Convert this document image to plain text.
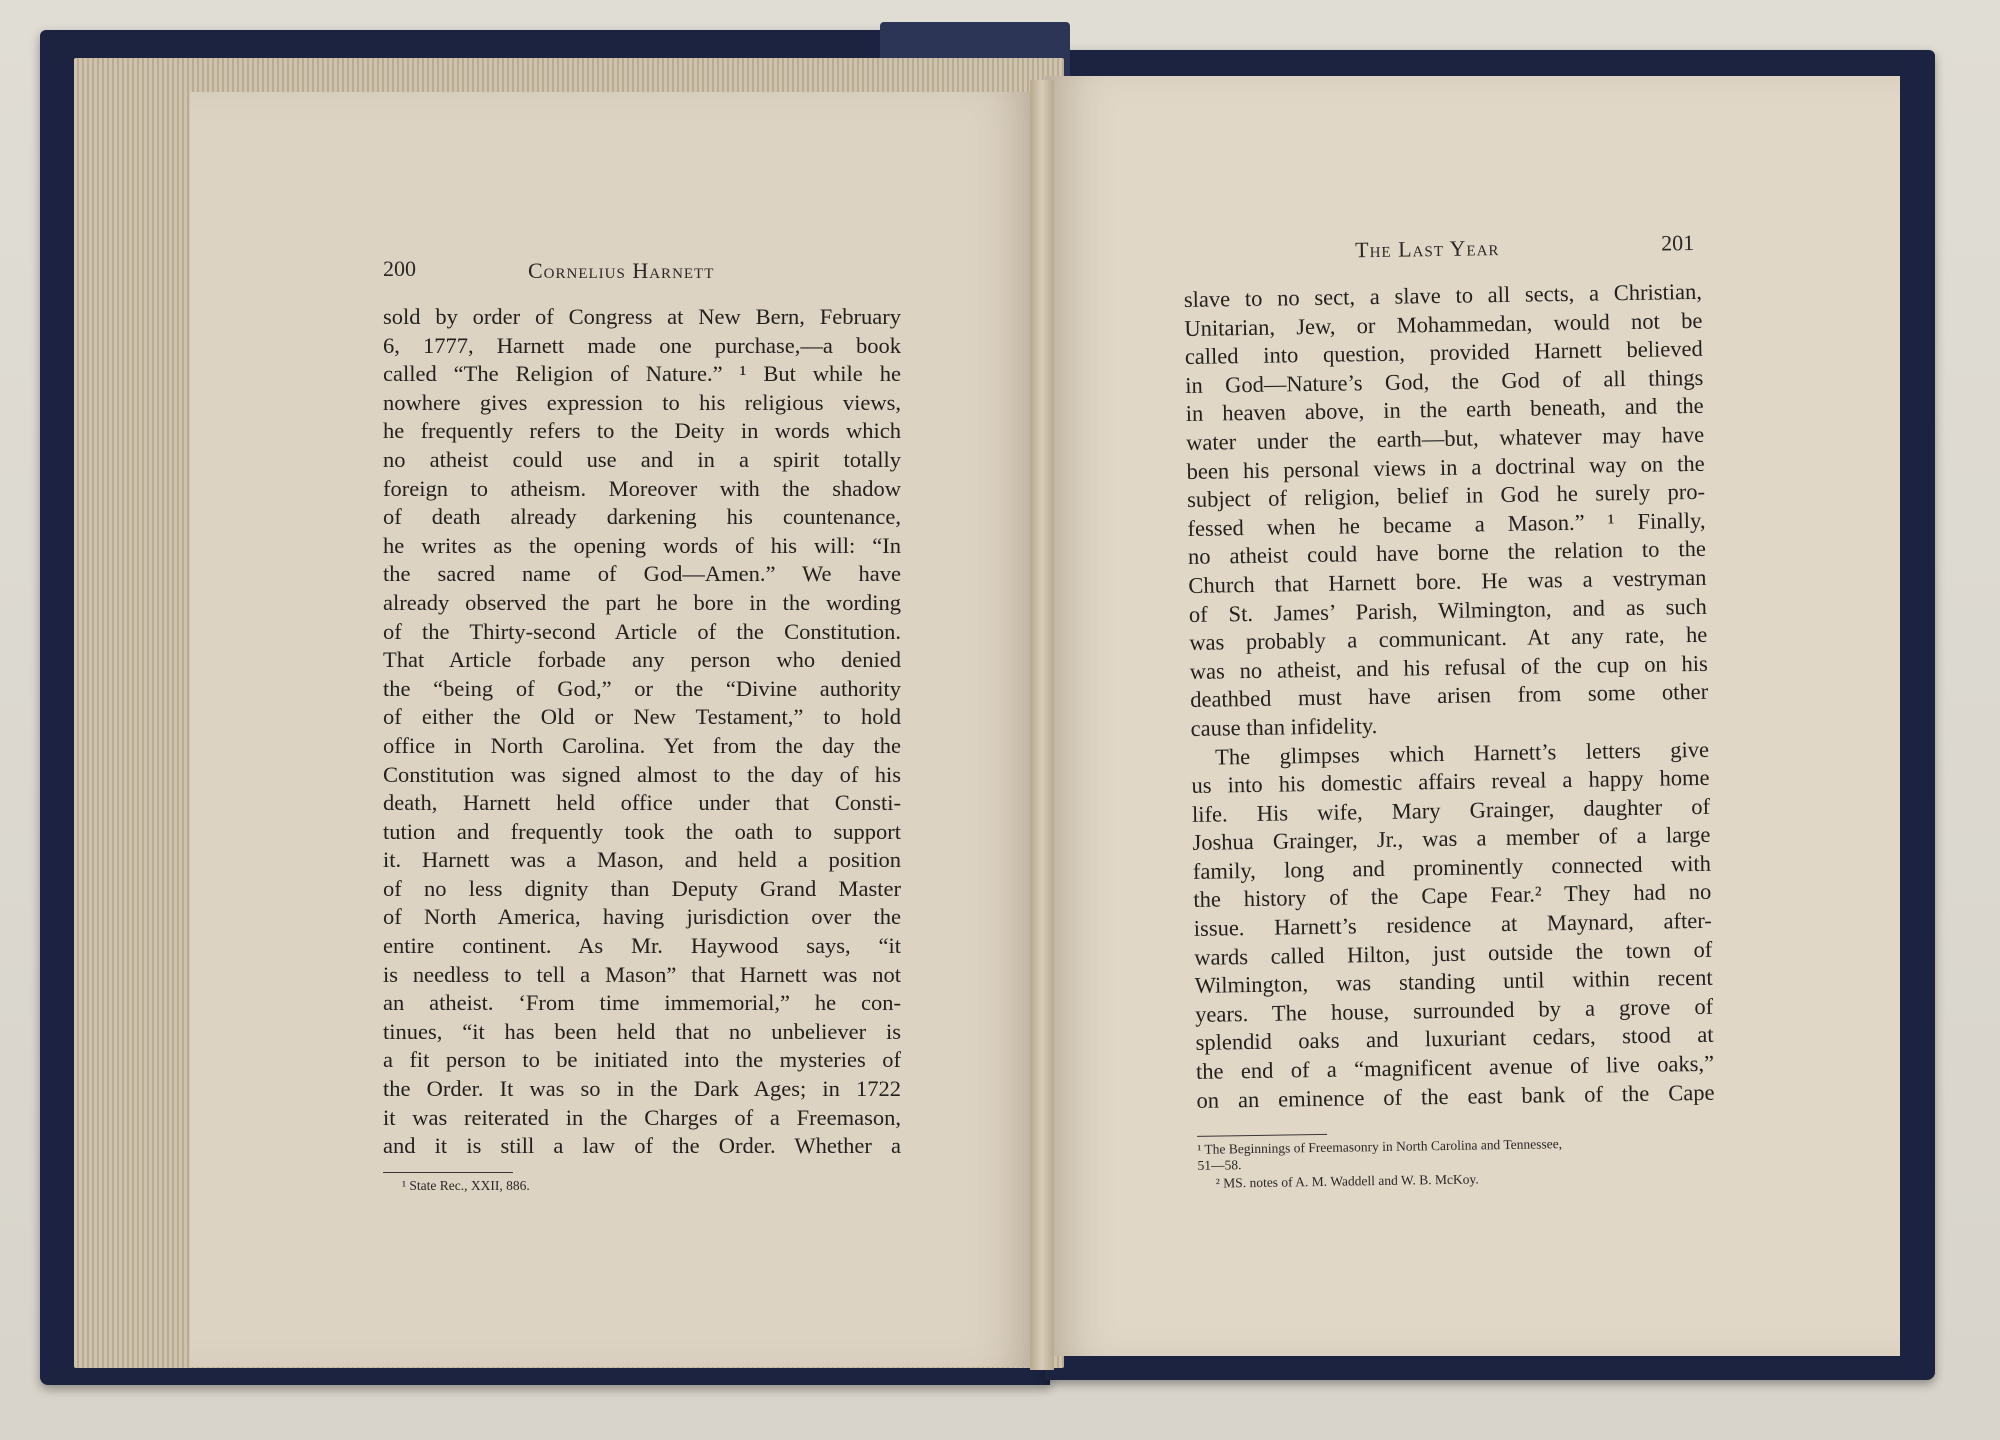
200	Cornelius Harnett
sold by order of Congress at New Bern, February
6, 1777, Harnett made one purchase,—a book
called “The Religion of Nature.” ¹ But while he
nowhere gives expression to his religious views,
he frequently refers to the Deity in words which
no atheist could use and in a spirit totally
foreign to atheism. Moreover with the shadow
of death already darkening his countenance,
he writes as the opening words of his will: “In
the sacred name of God—Amen.” We have
already observed the part he bore in the wording
of the Thirty-second Article of the Constitution.
That Article forbade any person who denied
the “being of God,” or the “Divine authority
of either the Old or New Testament,” to hold
office in North Carolina. Yet from the day the
Constitution was signed almost to the day of his
death, Harnett held office under that Consti-
tution and frequently took the oath to support
it. Harnett was a Mason, and held a position
of no less dignity than Deputy Grand Master
of North America, having jurisdiction over the
entire continent. As Mr. Haywood says, “it
is needless to tell a Mason” that Harnett was not
an atheist. ‘From time immemorial,” he con-
tinues, “it has been held that no unbeliever is
a fit person to be initiated into the mysteries of
the Order. It was so in the Dark Ages; in 1722
it was reiterated in the Charges of a Freemason,
and it is still a law of the Order. Whether a
¹ State Rec., XXII, 886.
The Last Year	201
slave to no sect, a slave to all sects, a Christian,
Unitarian, Jew, or Mohammedan, would not be
called into question, provided Harnett believed
in God—Nature’s God, the God of all things
in heaven above, in the earth beneath, and the
water under the earth—but, whatever may have
been his personal views in a doctrinal way on the
subject of religion, belief in God he surely pro-
fessed when he became a Mason.” ¹ Finally,
no atheist could have borne the relation to the
Church that Harnett bore. He was a vestryman
of St. James’ Parish, Wilmington, and as such
was probably a communicant. At any rate, he
was no atheist, and his refusal of the cup on his
deathbed must have arisen from some other
cause than infidelity.
The glimpses which Harnett’s letters give
us into his domestic affairs reveal a happy home
life. His wife, Mary Grainger, daughter of
Joshua Grainger, Jr., was a member of a large
family, long and prominently connected with
the history of the Cape Fear.² They had no
issue. Harnett’s residence at Maynard, after-
wards called Hilton, just outside the town of
Wilmington, was standing until within recent
years. The house, surrounded by a grove of
splendid oaks and luxuriant cedars, stood at
the end of a “magnificent avenue of live oaks,”
on an eminence of the east bank of the Cape
¹ The Beginnings of Freemasonry in North Carolina and Tennessee,
51—58.
² MS. notes of A. M. Waddell and W. B. McKoy.
